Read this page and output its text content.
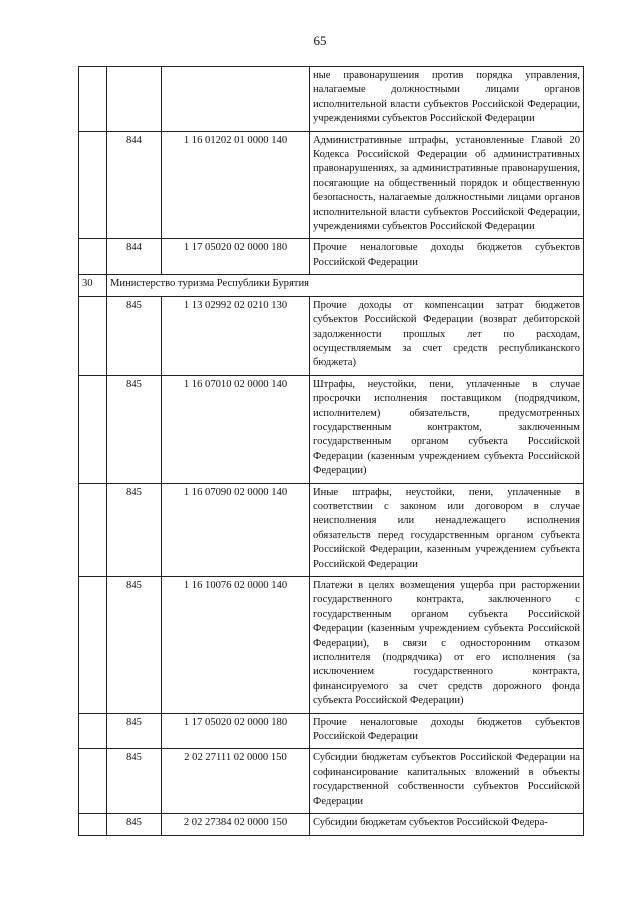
65
			ные правонарушения против порядка управления, налагаемые должностными лицами органов исполнительной власти субъектов Российской Федерации, учреждениями субъектов Российской Федерации
	844	1 16 01202 01 0000 140	Административные штрафы, установленные Главой 20 Кодекса Российской Федерации об административных правонарушениях, за административные правонарушения, посягающие на общественный порядок и общественную безопасность, налагаемые должностными лицами органов исполнительной власти субъектов Российской Федерации, учреждениями субъектов Российской Федерации
	844	1 17 05020 02 0000 180	Прочие неналоговые доходы бюджетов субъектов Российской Федерации
30	Министерство туризма Республики Бурятия		
	845	1 13 02992 02 0210 130	Прочие доходы от компенсации затрат бюджетов субъектов Российской Федерации (возврат дебиторской задолженности прошлых лет по расходам, осуществляемым за счет средств республиканского бюджета)
	845	1 16 07010 02 0000 140	Штрафы, неустойки, пени, уплаченные в случае просрочки исполнения поставщиком (подрядчиком, исполнителем) обязательств, предусмотренных государственным контрактом, заключенным государственным органом субъекта Российской Федерации (казенным учреждением субъекта Российской Федерации)
	845	1 16 07090 02 0000 140	Иные штрафы, неустойки, пени, уплаченные в соответствии с законом или договором в случае неисполнения или ненадлежащего исполнения обязательств перед государственным органом субъекта Российской Федерации, казенным учреждением субъекта Российской Федерации
	845	1 16 10076 02 0000 140	Платежи в целях возмещения ущерба при расторжении государственного контракта, заключенного с государственным органом субъекта Российской Федерации (казенным учреждением субъекта Российской Федерации), в связи с односторонним отказом исполнителя (подрядчика) от его исполнения (за исключением государственного контракта, финансируемого за счет средств дорожного фонда субъекта Российской Федерации)
	845	1 17 05020 02 0000 180	Прочие неналоговые доходы бюджетов субъектов Российской Федерации
	845	2 02 27111 02 0000 150	Субсидии бюджетам субъектов Российской Федерации на софинансирование капитальных вложений в объекты государственной собственности субъектов Российской Федерации
	845	2 02 27384 02 0000 150	Субсидии бюджетам субъектов Российской Федера-
